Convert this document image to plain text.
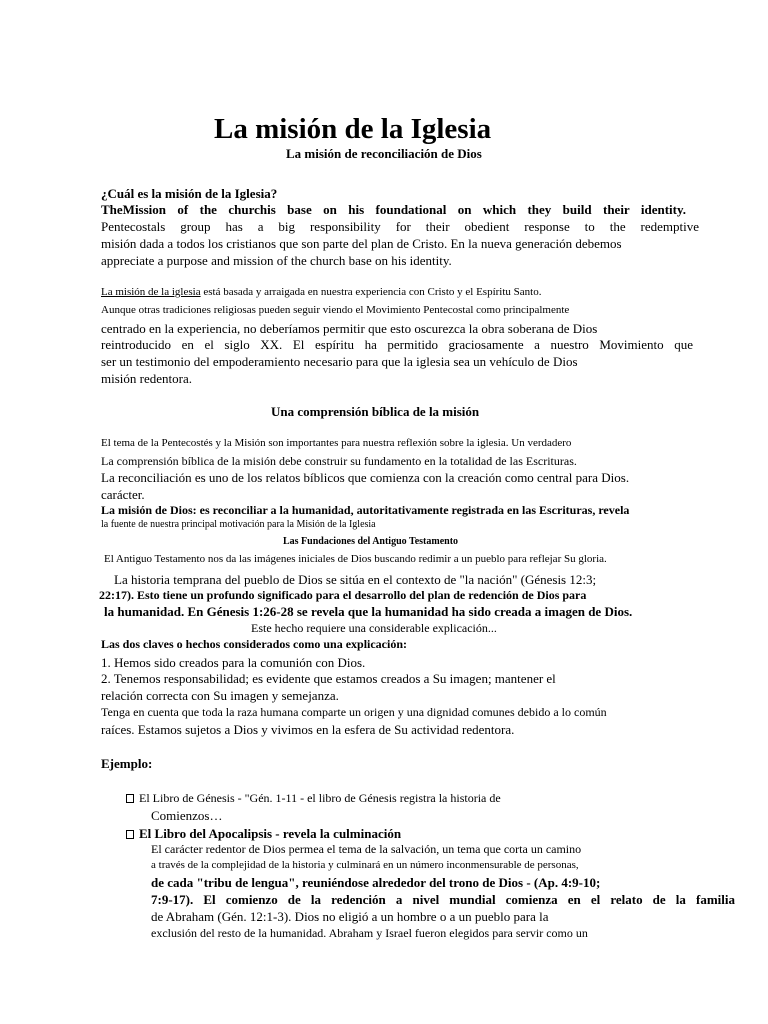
La misión de la Iglesia
La misión de reconciliación de Dios
¿Cuál es la misión de la Iglesia?
TheMission of the churchis base on his foundational on which they build their identity.
Pentecostals group has a big responsibility for their obedient response to the redemptive
misión dada a todos los cristianos que son parte del plan de Cristo. En la nueva generación debemos
appreciate a purpose and mission of the church base on his identity.
La misión de la iglesia está basada y arraigada en nuestra experiencia con Cristo y el Espíritu Santo.
Aunque otras tradiciones religiosas pueden seguir viendo el Movimiento Pentecostal como principalmente
centrado en la experiencia, no deberíamos permitir que esto oscurezca la obra soberana de Dios
reintroducido en el siglo XX. El espíritu ha permitido graciosamente a nuestro Movimiento que
ser un testimonio del empoderamiento necesario para que la iglesia sea un vehículo de Dios
misión redentora.
Una comprensión bíblica de la misión
El tema de la Pentecostés y la Misión son importantes para nuestra reflexión sobre la iglesia. Un verdadero
La comprensión bíblica de la misión debe construir su fundamento en la totalidad de las Escrituras.
La reconciliación es uno de los relatos bíblicos que comienza con la creación como central para Dios.
carácter.
La misión de Dios: es reconciliar a la humanidad, autoritativamente registrada en las Escrituras, revela
la fuente de nuestra principal motivación para la Misión de la Iglesia
Las Fundaciones del Antiguo Testamento
El Antiguo Testamento nos da las imágenes iniciales de Dios buscando redimir a un pueblo para reflejar Su gloria.
La historia temprana del pueblo de Dios se sitúa en el contexto de "la nación" (Génesis 12:3;
22:17). Esto tiene un profundo significado para el desarrollo del plan de redención de Dios para
la humanidad. En Génesis 1:26-28 se revela que la humanidad ha sido creada a imagen de Dios.
Este hecho requiere una considerable explicación...
Las dos claves o hechos considerados como una explicación:
1. Hemos sido creados para la comunión con Dios.
2. Tenemos responsabilidad; es evidente que estamos creados a Su imagen; mantener el
relación correcta con Su imagen y semejanza.
Tenga en cuenta que toda la raza humana comparte un origen y una dignidad comunes debido a lo común
raíces. Estamos sujetos a Dios y vivimos en la esfera de Su actividad redentora.
Ejemplo:
El Libro de Génesis - "Gén. 1-11 - el libro de Génesis registra la historia de
Comienzos…
El Libro del Apocalipsis - revela la culminación
El carácter redentor de Dios permea el tema de la salvación, un tema que corta un camino
a través de la complejidad de la historia y culminará en un número inconmensurable de personas,
de cada "tribu de lengua", reuniéndose alrededor del trono de Dios - (Ap. 4:9-10;
7:9-17). El comienzo de la redención a nivel mundial comienza en el relato de la familia
de Abraham (Gén. 12:1-3). Dios no eligió a un hombre o a un pueblo para la
exclusión del resto de la humanidad. Abraham y Israel fueron elegidos para servir como un
